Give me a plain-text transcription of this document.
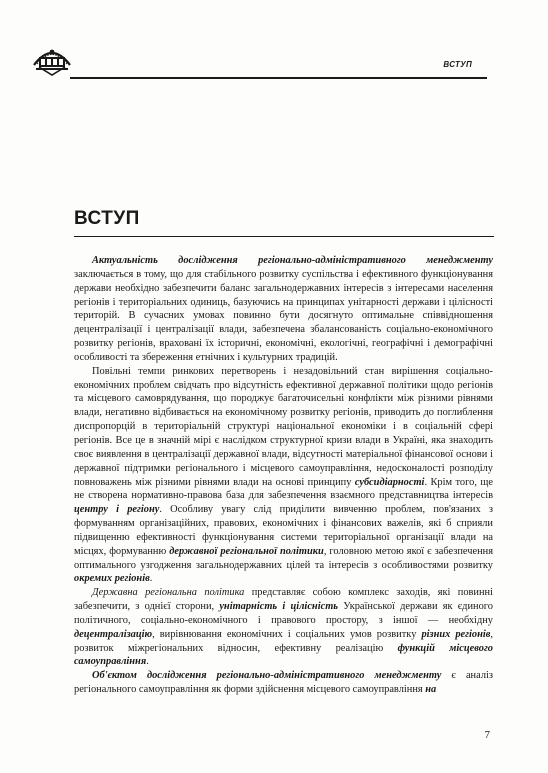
ВСТУП
ВСТУП

Актуальність дослідження регіонально-адміністративного менеджменту заключається в тому, що для стабільного розвитку суспільства і ефективного функціонування держави необхідно забезпечити баланс загальнодержавних інтересів з інтересами населення регіонів і територіальних одиниць, базуючись на принципах унітарності держави і цілісності територій. В сучасних умовах повинно бути досягнуто оптимальне співвідношення децентралізації і централізації влади, забезпечена збалансованість соціально-економічного розвитку регіонів, враховані їх історичні, економічні, екологічні, географічні і демографічні особливості та збереження етнічних і культурних традицій.

Повільні темпи ринкових перетворень і незадовільний стан вирішення соціально-економічних проблем свідчать про відсутність ефективної державної політики щодо регіонів та місцевого самоврядування, що породжує багаточисельні конфлікти між різними рівнями влади, негативно відбивається на економічному розвитку регіонів, приводить до поглиблення диспропорцій в територіальній структурі національної економіки і в соціальній сфері регіонів. Все це в значній мірі є наслідком структурної кризи влади в Україні, яка знаходить своє виявлення в централізації державної влади, відсутності матеріальної фінансової основи і державної підтримки регіонального і місцевого самоуправління, недосконалості розподілу повноважень між різними рівнями влади на основі принципу субсидіарності. Крім того, ще не створена нормативно-правова база для забезпечення взаємного представництва інтересів центру і регіону. Особливу увагу слід приділити вивченню проблем, пов'язаних з формуванням організаційних, правових, економічних і фінансових важелів, які б сприяли підвищенню ефективності функціонування системи територіальної організації влади на місцях, формуванню державної регіональної політики, головною метою якої є забезпечення оптимального узгодження загальнодержавних цілей та інтересів з особливостями розвитку окремих регіонів.

Державна регіональна політика представляє собою комплекс заходів, які повинні забезпечити, з однієї сторони, унітарність і цілісність Української держави як єдиного політичного, соціально-економічного і правового простору, з іншої — необхідну децентралізацію, вирівнювання економічних і соціальних умов розвитку різних регіонів, розвиток міжрегіональних відносин, ефективну реалізацію функцій місцевого самоуправління.

Об'єктом дослідження регіонально-адміністративного менеджменту є аналіз регіонального самоуправління як форми здійснення місцевого самоуправління на

7
